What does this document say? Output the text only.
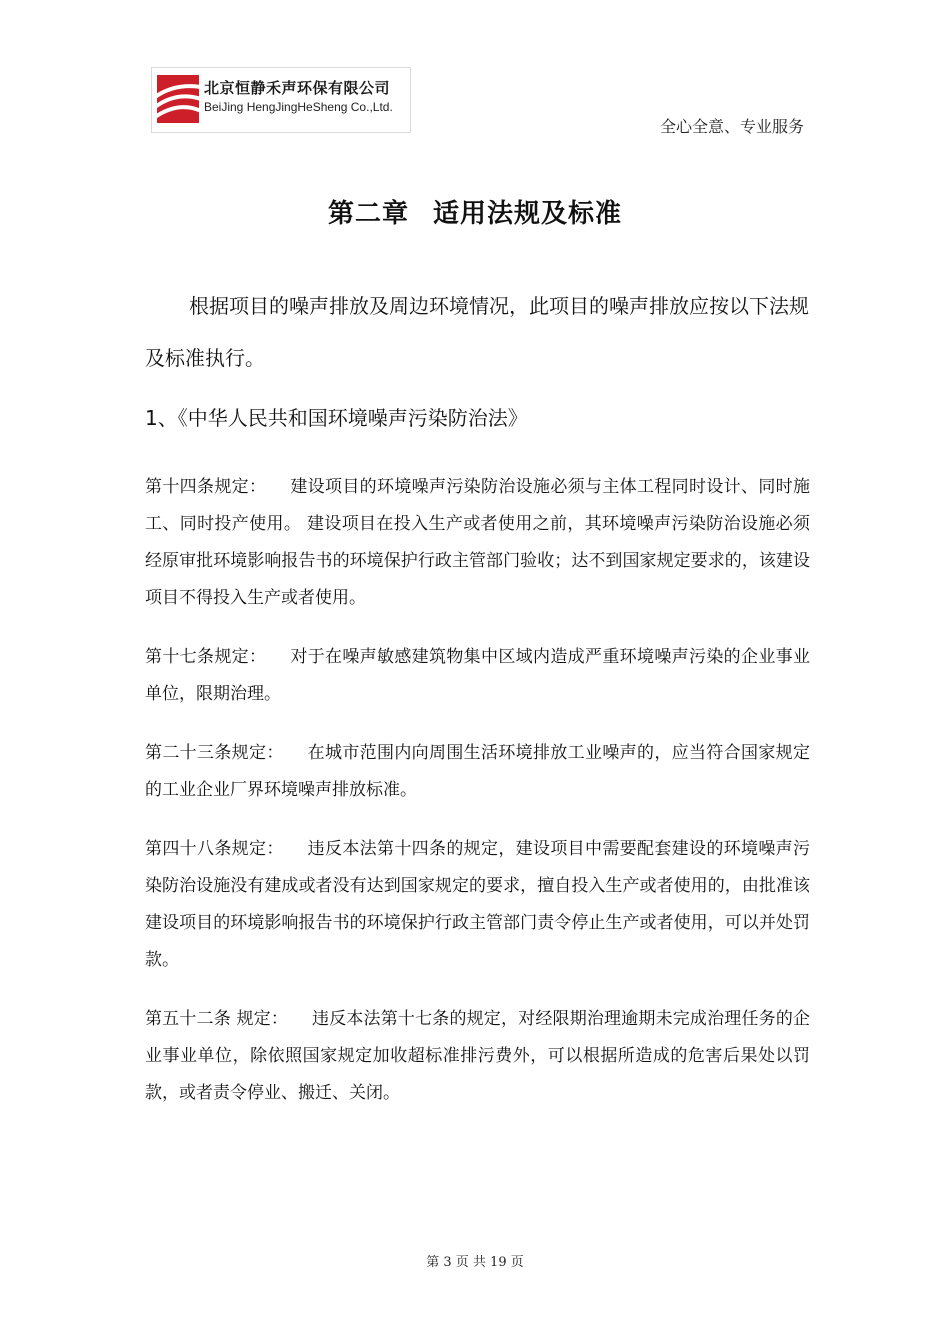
北京恒静禾声环保有限公司
BeiJing HengJingHeSheng Co.,Ltd.
全心全意、专业服务
第二章 适用法规及标准

根据项目的噪声排放及周边环境情况，此项目的噪声排放应按以下法规及标准执行。

1、《中华人民共和国环境噪声污染防治法》

第十四条规定： 建设项目的环境噪声污染防治设施必须与主体工程同时设计、同时施工、同时投产使用。 建设项目在投入生产或者使用之前，其环境噪声污染防治设施必须经原审批环境影响报告书的环境保护行政主管部门验收；达不到国家规定要求的，该建设项目不得投入生产或者使用。

第十七条规定： 对于在噪声敏感建筑物集中区域内造成严重环境噪声污染的企业事业单位，限期治理。

第二十三条规定： 在城市范围内向周围生活环境排放工业噪声的，应当符合国家规定的工业企业厂界环境噪声排放标准。

第四十八条规定： 违反本法第十四条的规定，建设项目中需要配套建设的环境噪声污染防治设施没有建成或者没有达到国家规定的要求，擅自投入生产或者使用的，由批准该建设项目的环境影响报告书的环境保护行政主管部门责令停止生产或者使用，可以并处罚款。

第五十二条 规定： 违反本法第十七条的规定，对经限期治理逾期未完成治理任务的企业事业单位，除依照国家规定加收超标准排污费外，可以根据所造成的危害后果处以罚款，或者责令停业、搬迁、关闭。

第 3 页 共 19 页
